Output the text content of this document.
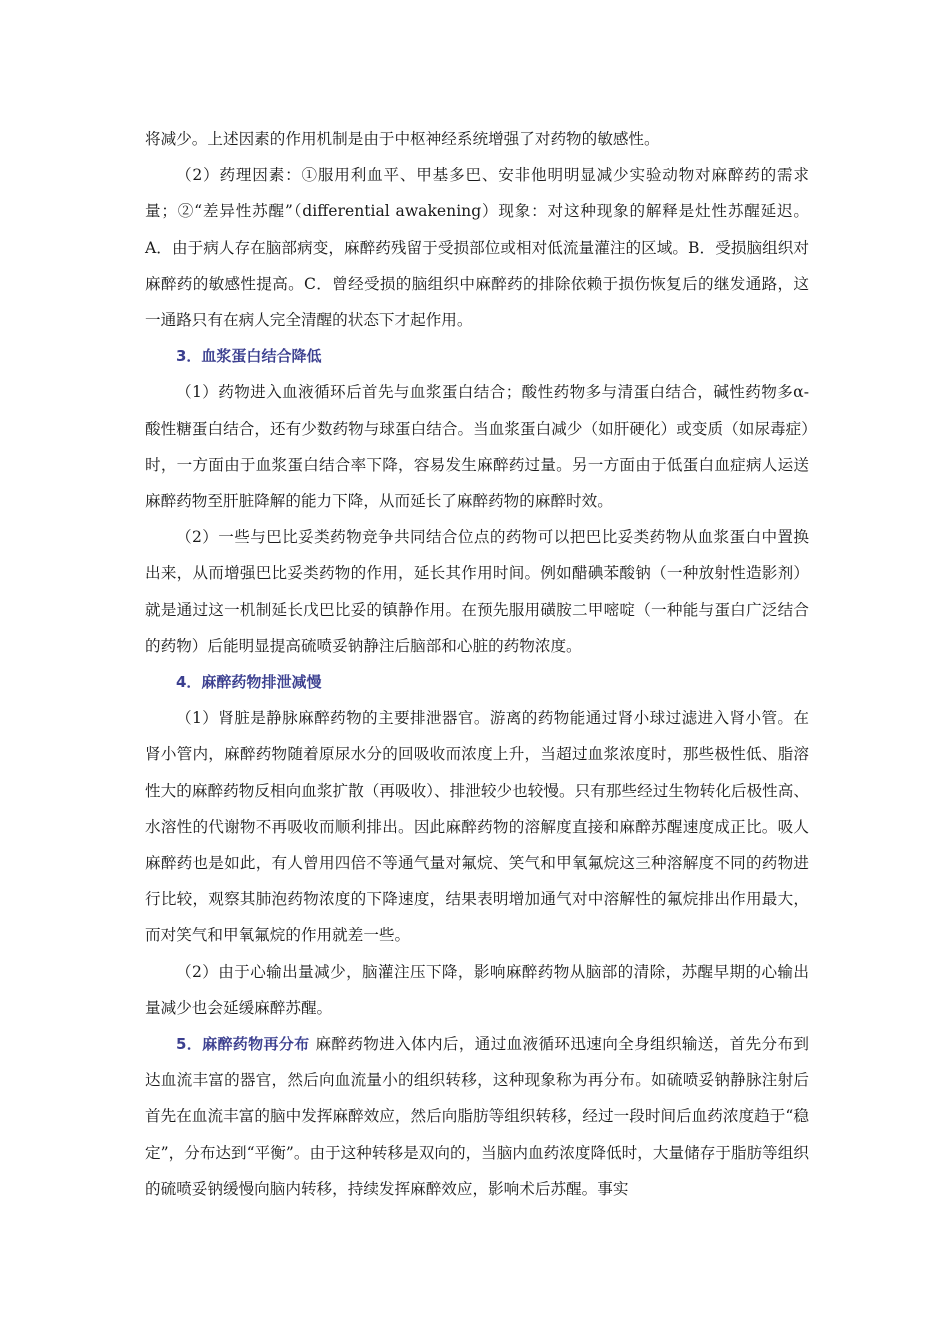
将减少。上述因素的作用机制是由于中枢神经系统增强了对药物的敏感性。

（2）药理因素：①服用利血平、甲基多巴、安非他明明显减少实验动物对麻醉药的需求量；②“差异性苏醒”（differential awakening）现象：对这种现象的解释是灶性苏醒延迟。A．由于病人存在脑部病变，麻醉药残留于受损部位或相对低流量灌注的区域。B．受损脑组织对麻醉药的敏感性提高。C．曾经受损的脑组织中麻醉药的排除依赖于损伤恢复后的继发通路，这一通路只有在病人完全清醒的状态下才起作用。

3．血浆蛋白结合降低

（1）药物进入血液循环后首先与血浆蛋白结合；酸性药物多与清蛋白结合，碱性药物多α-酸性糖蛋白结合，还有少数药物与球蛋白结合。当血浆蛋白减少（如肝硬化）或变质（如尿毒症）时，一方面由于血浆蛋白结合率下降，容易发生麻醉药过量。另一方面由于低蛋白血症病人运送麻醉药物至肝脏降解的能力下降，从而延长了麻醉药物的麻醉时效。

（2）一些与巴比妥类药物竞争共同结合位点的药物可以把巴比妥类药物从血浆蛋白中置换出来，从而增强巴比妥类药物的作用，延长其作用时间。例如醋碘苯酸钠（一种放射性造影剂）就是通过这一机制延长戊巴比妥的镇静作用。在预先服用磺胺二甲嘧啶（一种能与蛋白广泛结合的药物）后能明显提高硫喷妥钠静注后脑部和心脏的药物浓度。

4．麻醉药物排泄减慢

（1）肾脏是静脉麻醉药物的主要排泄器官。游离的药物能通过肾小球过滤进入肾小管。在肾小管内，麻醉药物随着原尿水分的回吸收而浓度上升，当超过血浆浓度时，那些极性低、脂溶性大的麻醉药物反相向血浆扩散（再吸收）、排泄较少也较慢。只有那些经过生物转化后极性高、水溶性的代谢物不再吸收而顺利排出。因此麻醉药物的溶解度直接和麻醉苏醒速度成正比。吸人麻醉药也是如此，有人曾用四倍不等通气量对氟烷、笑气和甲氧氟烷这三种溶解度不同的药物进行比较，观察其肺泡药物浓度的下降速度，结果表明增加通气对中溶解性的氟烷排出作用最大，而对笑气和甲氧氟烷的作用就差一些。

（2）由于心输出量减少，脑灌注压下降，影响麻醉药物从脑部的清除，苏醒早期的心输出量减少也会延缓麻醉苏醒。

5．麻醉药物再分布 麻醉药物进入体内后，通过血液循环迅速向全身组织输送，首先分布到达血流丰富的器官，然后向血流量小的组织转移，这种现象称为再分布。如硫喷妥钠静脉注射后首先在血流丰富的脑中发挥麻醉效应，然后向脂肪等组织转移，经过一段时间后血药浓度趋于“稳定”，分布达到“平衡”。由于这种转移是双向的，当脑内血药浓度降低时，大量储存于脂肪等组织的硫喷妥钠缓慢向脑内转移，持续发挥麻醉效应，影响术后苏醒。事实
